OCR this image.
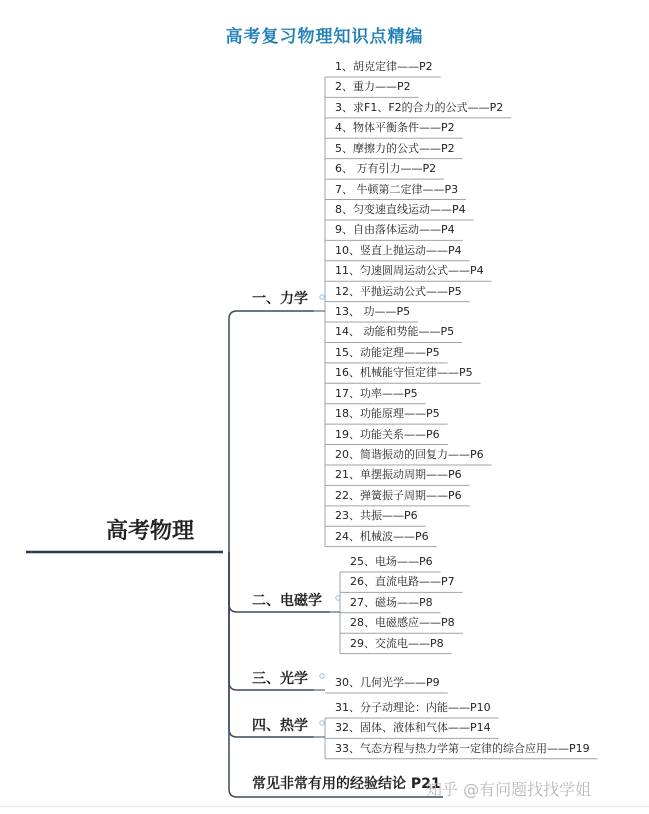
高考复习物理知识点精编
高考物理
一、力学
1、胡克定律——P2
2、重力——P2
3、求F1、F2的合力的公式——P2
4、物体平衡条件——P2
5、摩擦力的公式——P2
6、 万有引力——P2
7、 牛顿第二定律——P3
8、匀变速直线运动——P4
9、自由落体运动——P4
10、竖直上抛运动——P4
11、匀速圆周运动公式——P4
12、平抛运动公式——P5
13、 功——P5
14、 动能和势能——P5
15、动能定理——P5
16、机械能守恒定律——P5
17、功率——P5
18、功能原理——P5
19、功能关系——P6
20、简谐振动的回复力——P6
21、单摆振动周期——P6
22、弹簧振子周期——P6
23、共振——P6
24、机械波——P6
二、电磁学
25、电场——P6
26、直流电路——P7
27、磁场——P8
28、电磁感应——P8
29、交流电——P8
三、光学 30、几何光学——P9
四、热学
31、分子动理论：内能——P10
32、固体、液体和气体——P14
33、气态方程与热力学第一定律的综合应用——P19
常见非常有用的经验结论 P21
知乎 @有问题找找学姐
